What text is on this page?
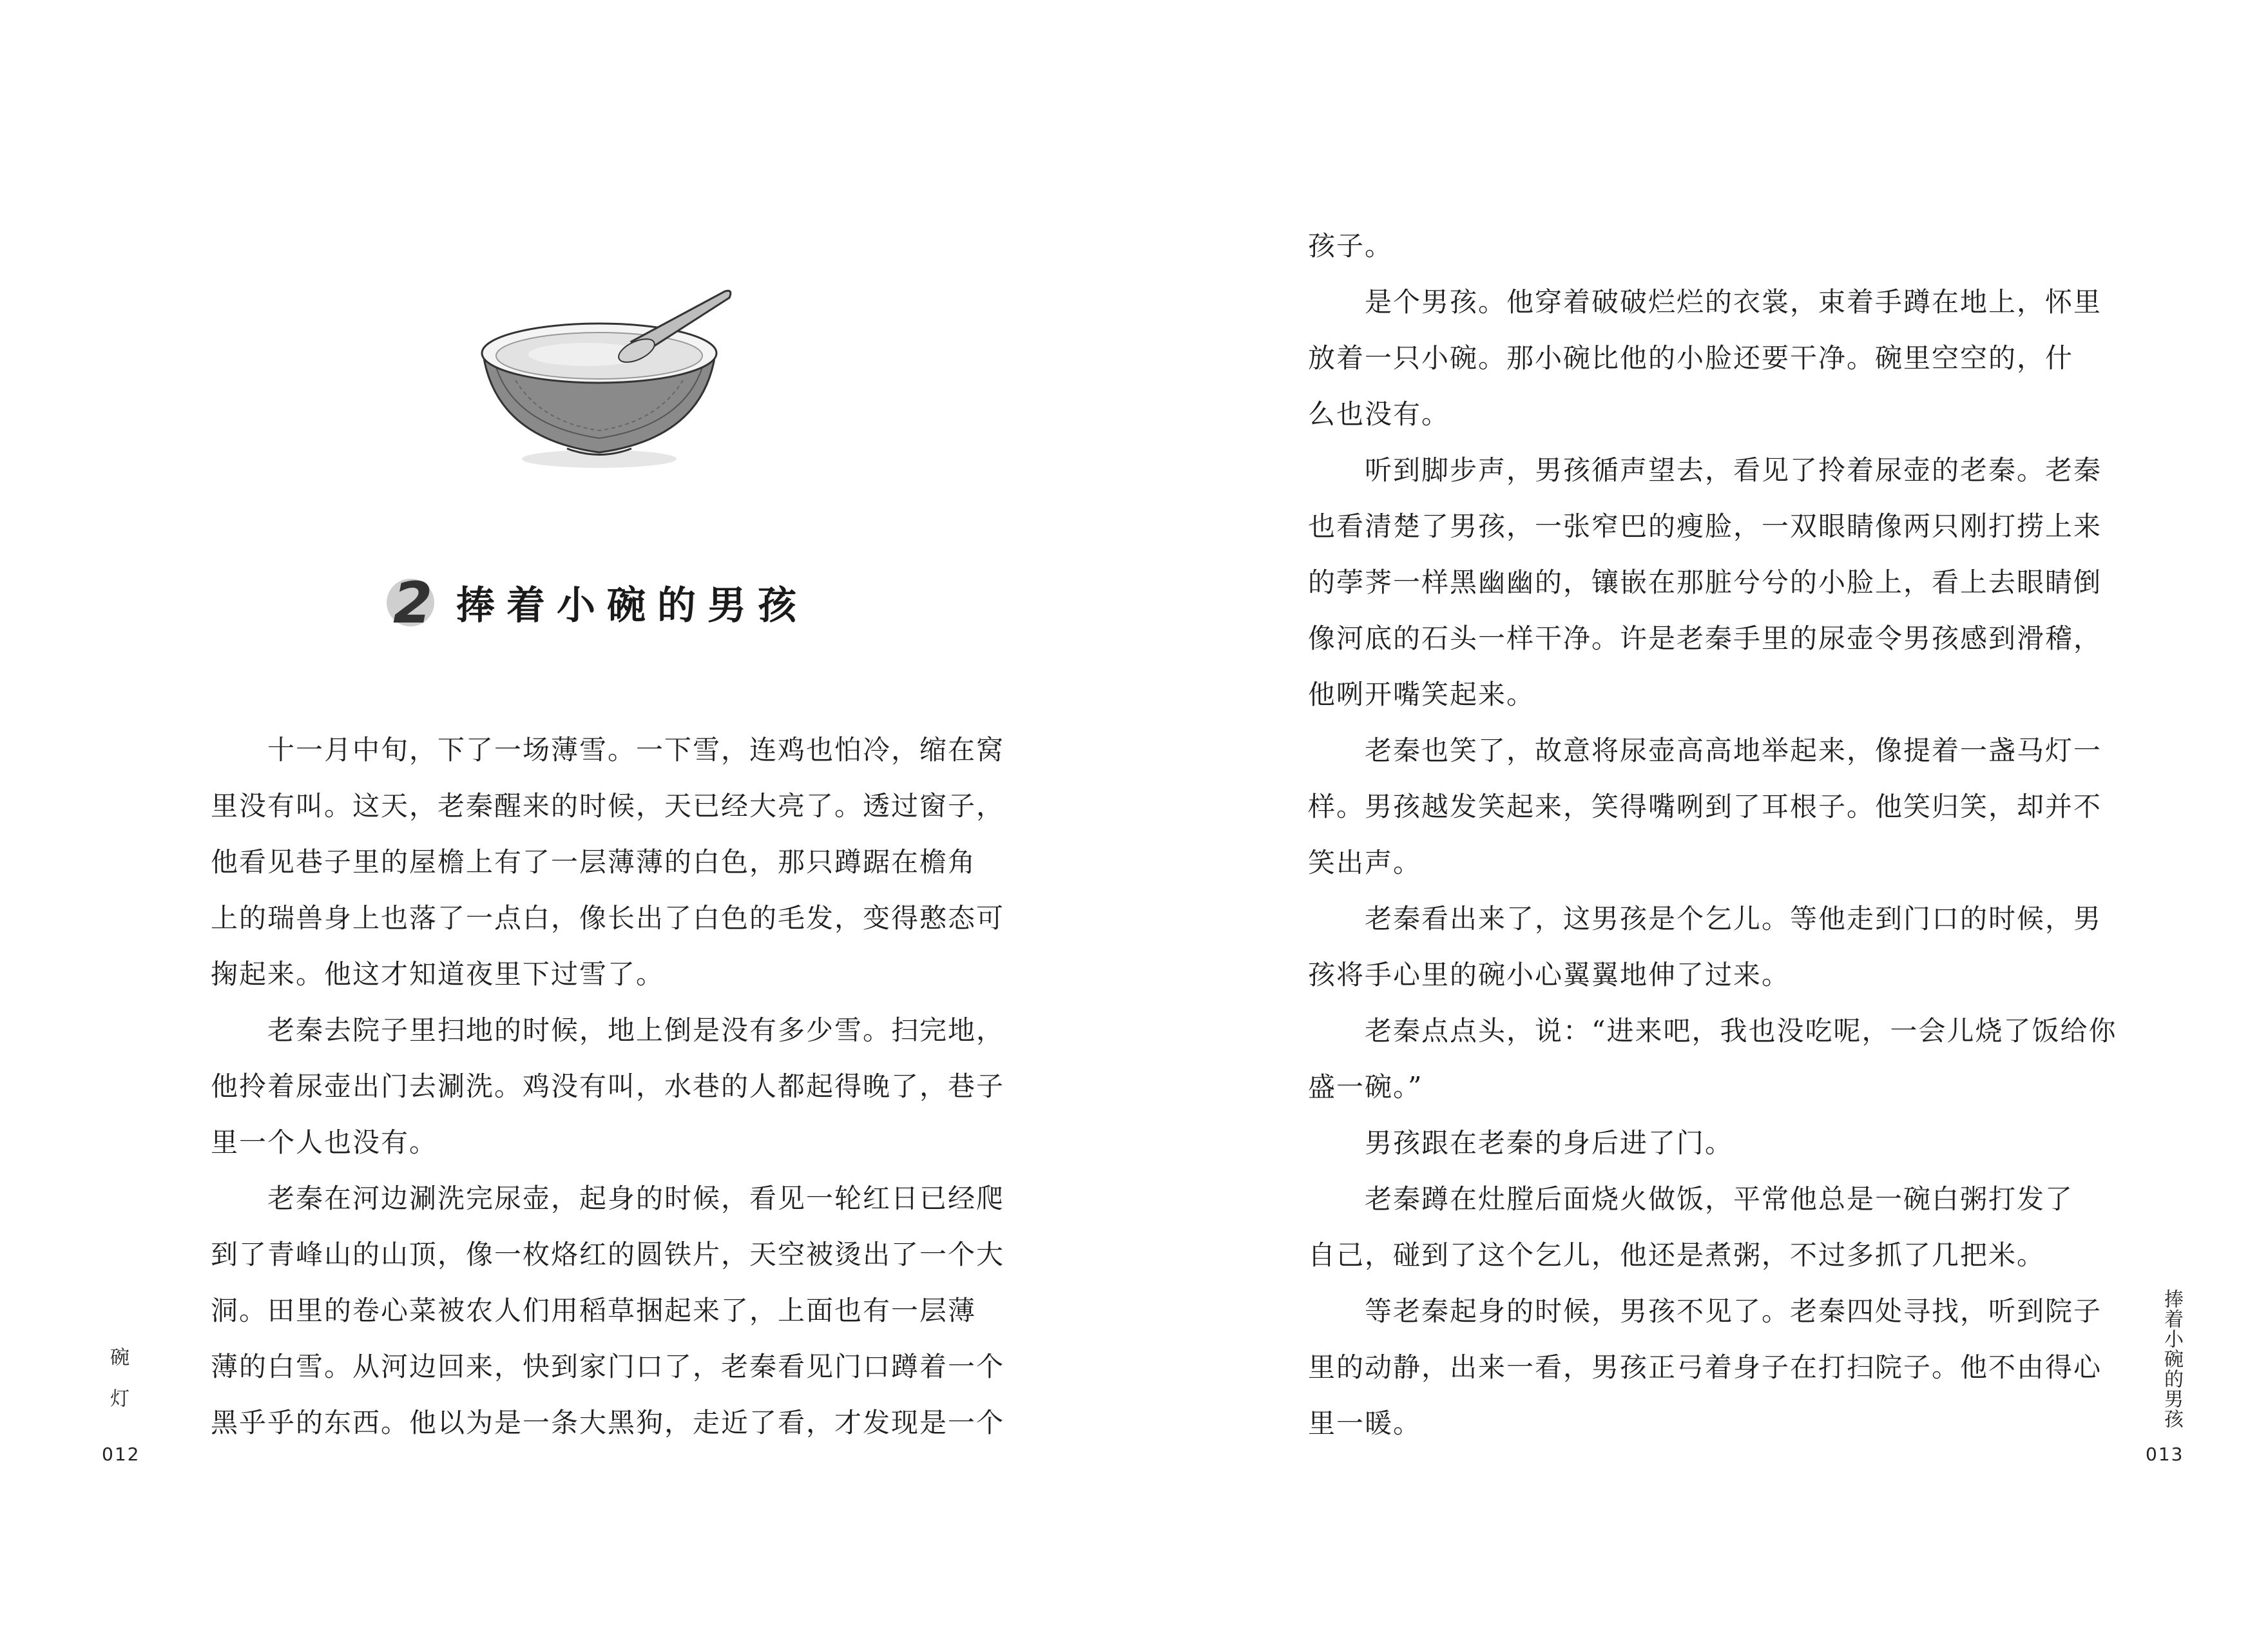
2 捧着小碗的男孩
　　十一月中旬，下了一场薄雪。一下雪，连鸡也怕冷，缩在窝
里没有叫。这天，老秦醒来的时候，天已经大亮了。透过窗子，
他看见巷子里的屋檐上有了一层薄薄的白色，那只蹲踞在檐角
上的瑞兽身上也落了一点白，像长出了白色的毛发，变得憨态可
掬起来。他这才知道夜里下过雪了。
　　老秦去院子里扫地的时候，地上倒是没有多少雪。扫完地，
他拎着尿壶出门去涮洗。鸡没有叫，水巷的人都起得晚了，巷子
里一个人也没有。
　　老秦在河边涮洗完尿壶，起身的时候，看见一轮红日已经爬
到了青峰山的山顶，像一枚烙红的圆铁片，天空被烫出了一个大
洞。田里的卷心菜被农人们用稻草捆起来了，上面也有一层薄
薄的白雪。从河边回来，快到家门口了，老秦看见门口蹲着一个
黑乎乎的东西。他以为是一条大黑狗，走近了看，才发现是一个
碗灯
012
孩子。
　　是个男孩。他穿着破破烂烂的衣裳，束着手蹲在地上，怀里
放着一只小碗。那小碗比他的小脸还要干净。碗里空空的，什
么也没有。
　　听到脚步声，男孩循声望去，看见了拎着尿壶的老秦。老秦
也看清楚了男孩，一张窄巴的瘦脸，一双眼睛像两只刚打捞上来
的荸荠一样黑幽幽的，镶嵌在那脏兮兮的小脸上，看上去眼睛倒
像河底的石头一样干净。许是老秦手里的尿壶令男孩感到滑稽，
他咧开嘴笑起来。
　　老秦也笑了，故意将尿壶高高地举起来，像提着一盏马灯一
样。男孩越发笑起来，笑得嘴咧到了耳根子。他笑归笑，却并不
笑出声。
　　老秦看出来了，这男孩是个乞儿。等他走到门口的时候，男
孩将手心里的碗小心翼翼地伸了过来。
　　老秦点点头，说：“进来吧，我也没吃呢，一会儿烧了饭给你
盛一碗。”
　　男孩跟在老秦的身后进了门。
　　老秦蹲在灶膛后面烧火做饭，平常他总是一碗白粥打发了
自己，碰到了这个乞儿，他还是煮粥，不过多抓了几把米。
　　等老秦起身的时候，男孩不见了。老秦四处寻找，听到院子
里的动静，出来一看，男孩正弓着身子在打扫院子。他不由得心
里一暖。	捧着小碗的男孩
013
